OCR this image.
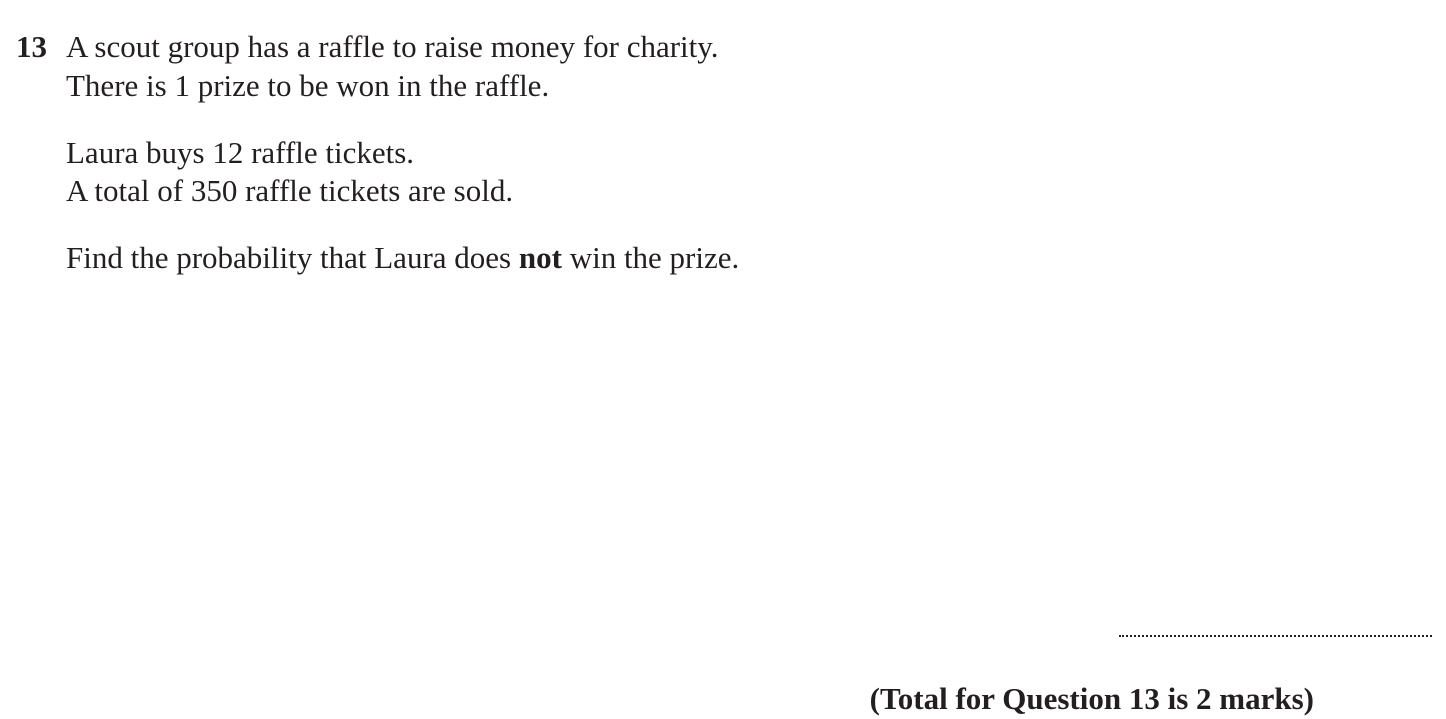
13 A scout group has a raffle to raise money for charity.
There is 1 prize to be won in the raffle.
Laura buys 12 raffle tickets.
A total of 350 raffle tickets are sold.
Find the probability that Laura does not win the prize.
(Total for Question 13 is 2 marks)
